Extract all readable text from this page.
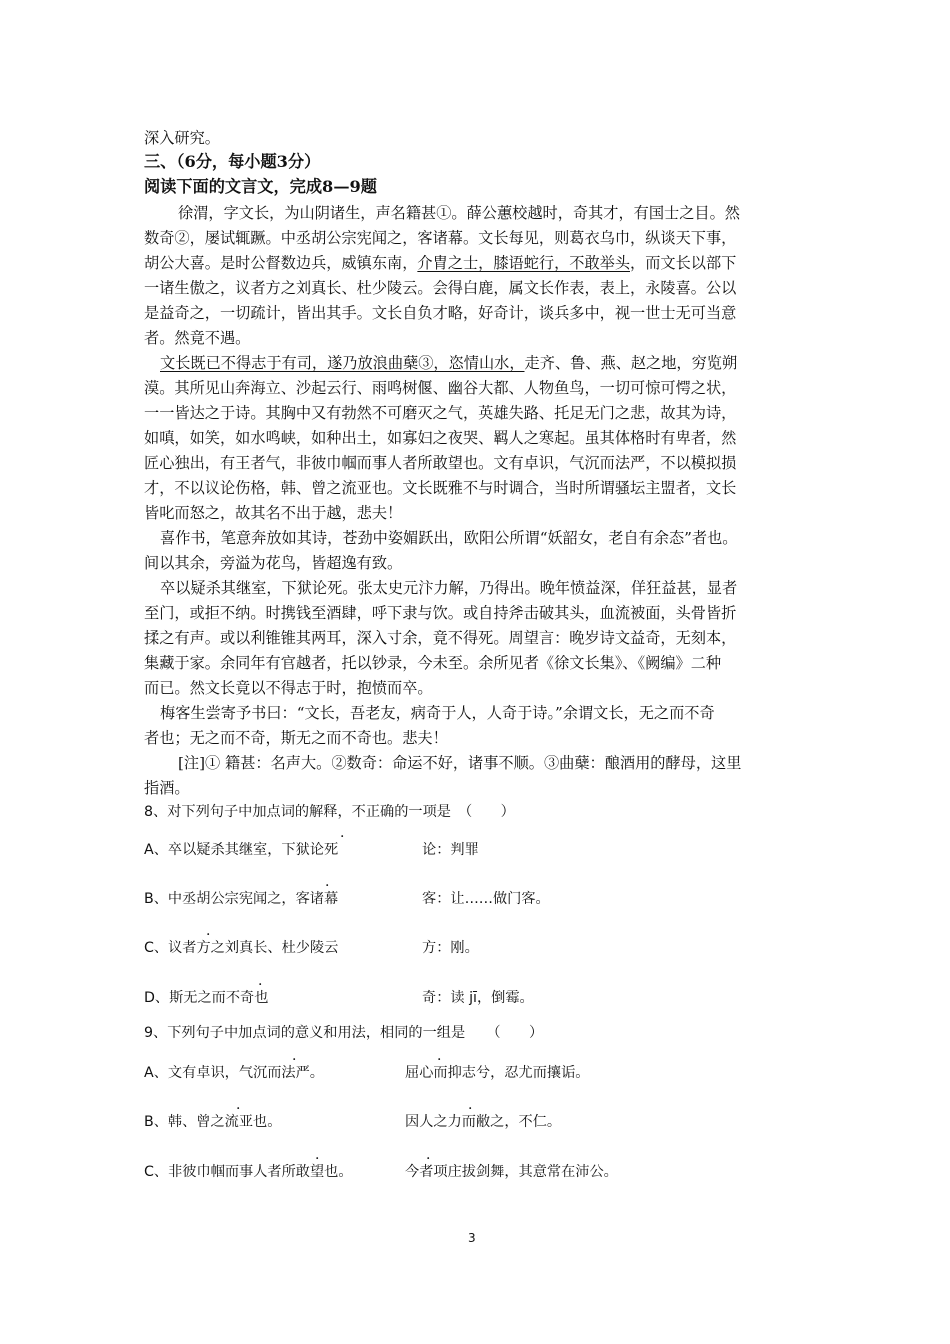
深入研究。
三、（6分，每小题3分）
阅读下面的文言文，完成8—9题
徐渭，字文长，为山阴诸生，声名籍甚①。薛公蕙校越时，奇其才，有国士之目。然
数奇②，屡试辄蹶。中丞胡公宗宪闻之，客诸幕。文长每见，则葛衣乌巾，纵谈天下事，
胡公大喜。是时公督数边兵，威镇东南，介胄之士，膝语蛇行，不敢举头，而文长以部下
一诸生傲之，议者方之刘真长、杜少陵云。会得白鹿，属文长作表，表上，永陵喜。公以
是益奇之，一切疏计，皆出其手。文长自负才略，好奇计，谈兵多中，视一世士无可当意
者。然竟不遇。
文长既已不得志于有司，遂乃放浪曲蘖③，恣情山水，走齐、鲁、燕、赵之地，穷览朔
漠。其所见山奔海立、沙起云行、雨鸣树偃、幽谷大都、人物鱼鸟，一切可惊可愕之状，
一一皆达之于诗。其胸中又有勃然不可磨灭之气，英雄失路、托足无门之悲，故其为诗，
如嗔，如笑，如水鸣峡，如种出土，如寡妇之夜哭、羁人之寒起。虽其体格时有卑者，然
匠心独出，有王者气，非彼巾帼而事人者所敢望也。文有卓识，气沉而法严，不以模拟损
才，不以议论伤格，韩、曾之流亚也。文长既雅不与时调合，当时所谓骚坛主盟者，文长
皆叱而怒之，故其名不出于越，悲夫！
喜作书，笔意奔放如其诗，苍劲中姿媚跃出，欧阳公所谓“妖韶女，老自有余态”者也。
间以其余，旁溢为花鸟，皆超逸有致。
卒以疑杀其继室，下狱论死。张太史元汴力解，乃得出。晚年愤益深，佯狂益甚，显者
至门，或拒不纳。时携钱至酒肆，呼下隶与饮。或自持斧击破其头，血流被面，头骨皆折
揉之有声。或以利锥锥其两耳，深入寸余，竟不得死。周望言：晚岁诗文益奇，无刻本，
集藏于家。余同年有官越者，托以钞录，今未至。余所见者《徐文长集》、《阙编》二种
而已。然文长竟以不得志于时，抱愤而卒。
梅客生尝寄予书曰：“文长，吾老友，病奇于人，人奇于诗。”余谓文长，无之而不奇
者也；无之而不奇，斯无之而不奇也。悲夫！
[注]① 籍甚：名声大。②数奇：命运不好，诸事不顺。③曲蘖：酿酒用的酵母，这里
指酒。
8、对下列句子中加点词的解释，不正确的一项是　（　　）
·
A、卒以疑杀其继室，下狱论死	论：判罪
·
B、中丞胡公宗宪闻之，客诸幕	客：让……做门客。
·
C、议者方之刘真长、杜少陵云	方：刚。
·
D、斯无之而不奇也	奇：读 jī，倒霉。
9、下列句子中加点词的意义和用法，相同的一组是　　（　　）
·	·
A、文有卓识，气沉而法严。	屈心而抑志兮，忍尤而攘诟。
·	·
B、韩、曾之流亚也。	因人之力而敝之，不仁。
·	·
C、非彼巾帼而事人者所敢望也。	今者项庄拔剑舞，其意常在沛公。
3
